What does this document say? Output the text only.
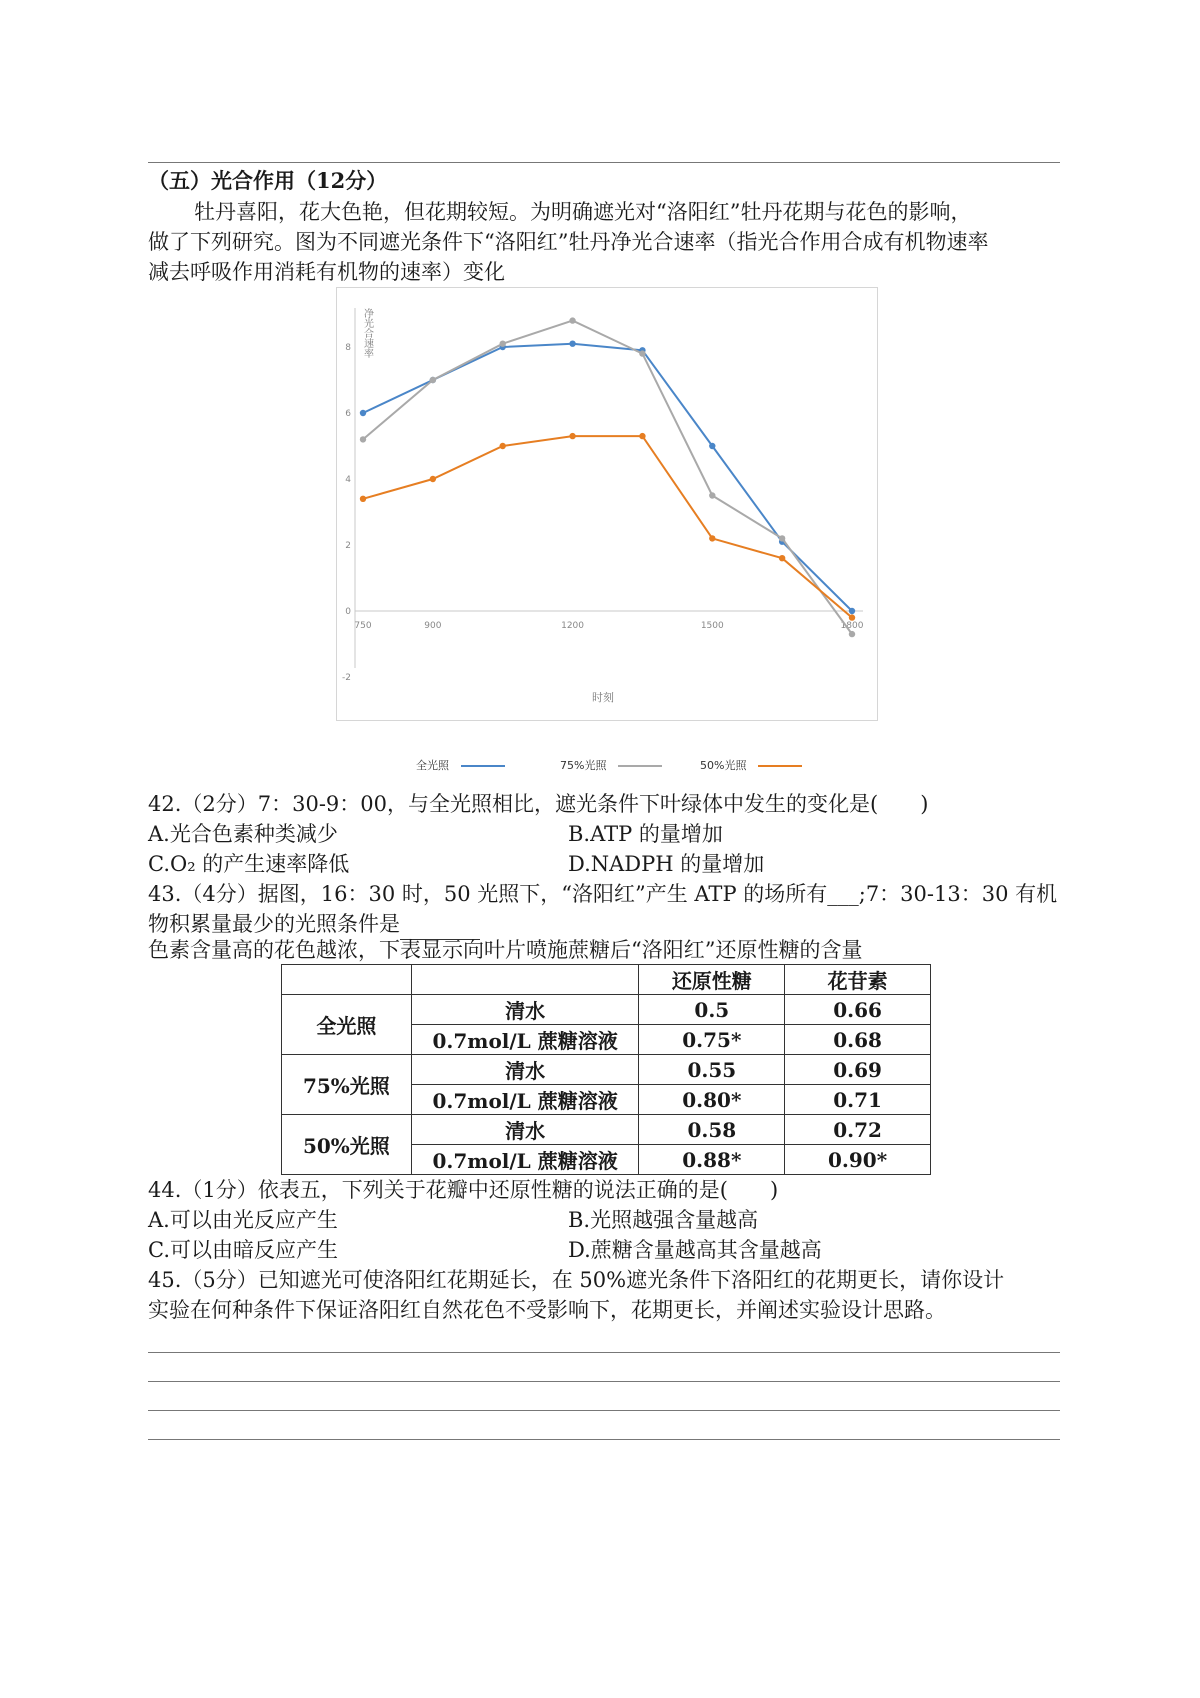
（五）光合作用（12分）
牡丹喜阳，花大色艳，但花期较短。为明确遮光对“洛阳红”牡丹花期与花色的影响，
做了下列研究。图为不同遮光条件下“洛阳红”牡丹净光合速率（指光合作用合成有机物速率
减去呼吸作用消耗有机物的速率）变化
-2
0
2
4
6
8
750	900	1200	1500	1800
净光合速率
时刻
全光照	75%光照	50%光照
42.（2分）7：30-9：00，与全光照相比，遮光条件下叶绿体中发生的变化是(　　)
A.光合色素种类减少	B.ATP 的量增加
C.O₂ 的产生速率降低	D.NADPH 的量增加
43.（4分）据图，16：30 时，50 光照下，“洛阳红”产生 ATP 的场所有___;7：30-13：30 有机
物积累量最少的光照条件是
色素含量高的花色越浓，下表显示向叶片喷施蔗糖后“洛阳红”还原性糖的含量
		还原性糖	花苷素
全光照	清水	0.5	0.66
	0.7mol/L 蔗糖溶液	0.75*	0.68
75%光照	清水	0.55	0.69
	0.7mol/L 蔗糖溶液	0.80*	0.71
50%光照	清水	0.58	0.72
	0.7mol/L 蔗糖溶液	0.88*	0.90*
44.（1分）依表五，下列关于花瓣中还原性糖的说法正确的是(　　)
A.可以由光反应产生	B.光照越强含量越高
C.可以由暗反应产生	D.蔗糖含量越高其含量越高
45.（5分）已知遮光可使洛阳红花期延长，在 50%遮光条件下洛阳红的花期更长，请你设计
实验在何种条件下保证洛阳红自然花色不受影响下，花期更长，并阐述实验设计思路。
